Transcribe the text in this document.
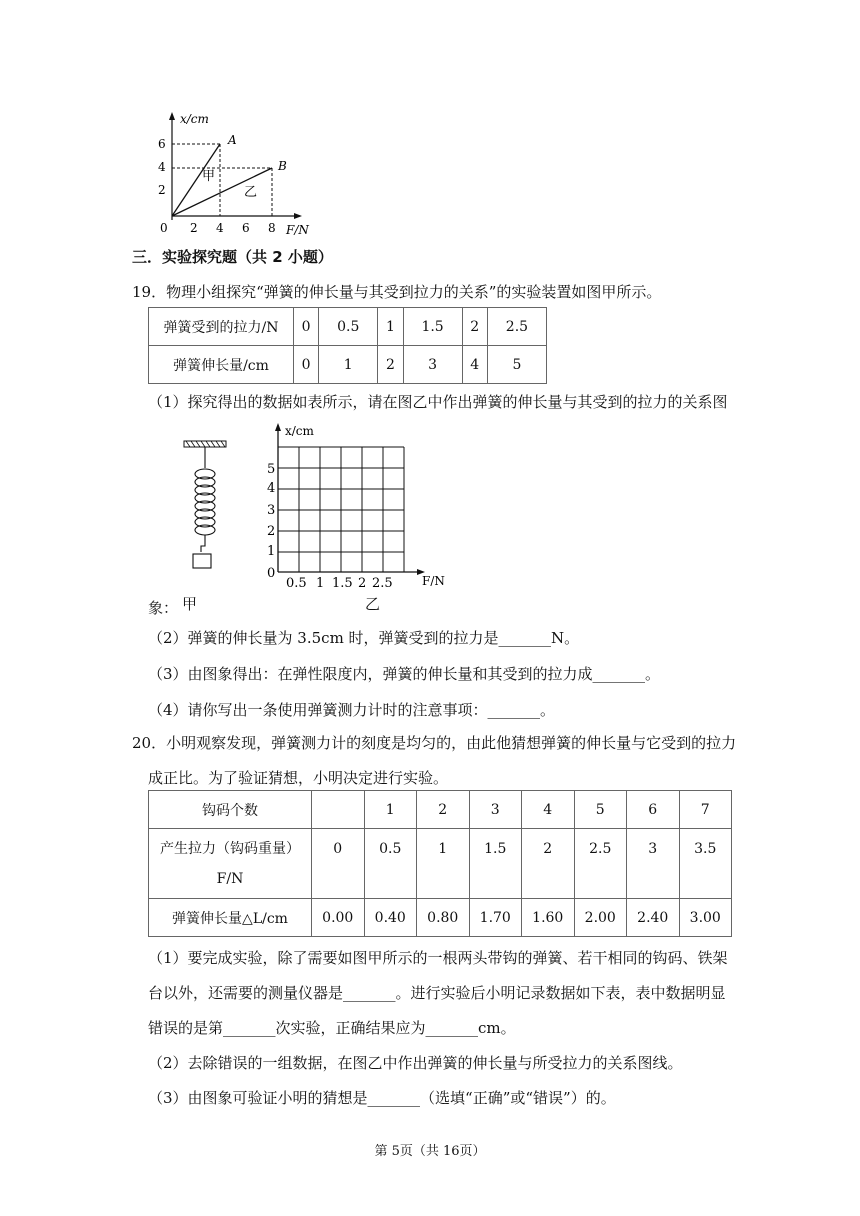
x/cm
F/N
6
4
2
0 2 4 6 8
A
B
甲
乙
三．实验探究题（共 2 小题）
19．物理小组探究“弹簧的伸长量与其受到拉力的关系”的实验装置如图甲所示。
弹簧受到的拉力/N	0	0.5	1	1.5	2	2.5
弹簧伸长量/cm	0	1	2	3	4	5
（1）探究得出的数据如表所示，请在图乙中作出弹簧的伸长量与其受到的拉力的关系图
象： 甲
x/cm
F/N
5
4
3
2
1
0
0.5 1 1.5 2 2.5
乙
（2）弹簧的伸长量为 3.5cm 时，弹簧受到的拉力是_______N。
（3）由图象得出：在弹性限度内，弹簧的伸长量和其受到的拉力成_______。
（4）请你写出一条使用弹簧测力计时的注意事项：_______。
20．小明观察发现，弹簧测力计的刻度是均匀的，由此他猜想弹簧的伸长量与它受到的拉力
成正比。为了验证猜想，小明决定进行实验。
钩码个数		1	2	3	4	5	6	7

产生拉力（钩码重量）
F/N	0	0.5	1	1.5	2	2.5	3	3.5
弹簧伸长量△L/cm	0.00	0.40	0.80	1.70	1.60	2.00	2.40	3.00
（1）要完成实验，除了需要如图甲所示的一根两头带钩的弹簧、若干相同的钩码、铁架
台以外，还需要的测量仪器是_______。进行实验后小明记录数据如下表，表中数据明显
错误的是第_______次实验，正确结果应为_______cm。
（2）去除错误的一组数据，在图乙中作出弹簧的伸长量与所受拉力的关系图线。
（3）由图象可验证小明的猜想是_______（选填“正确”或“错误”）的。
第 5页（共 16页）
